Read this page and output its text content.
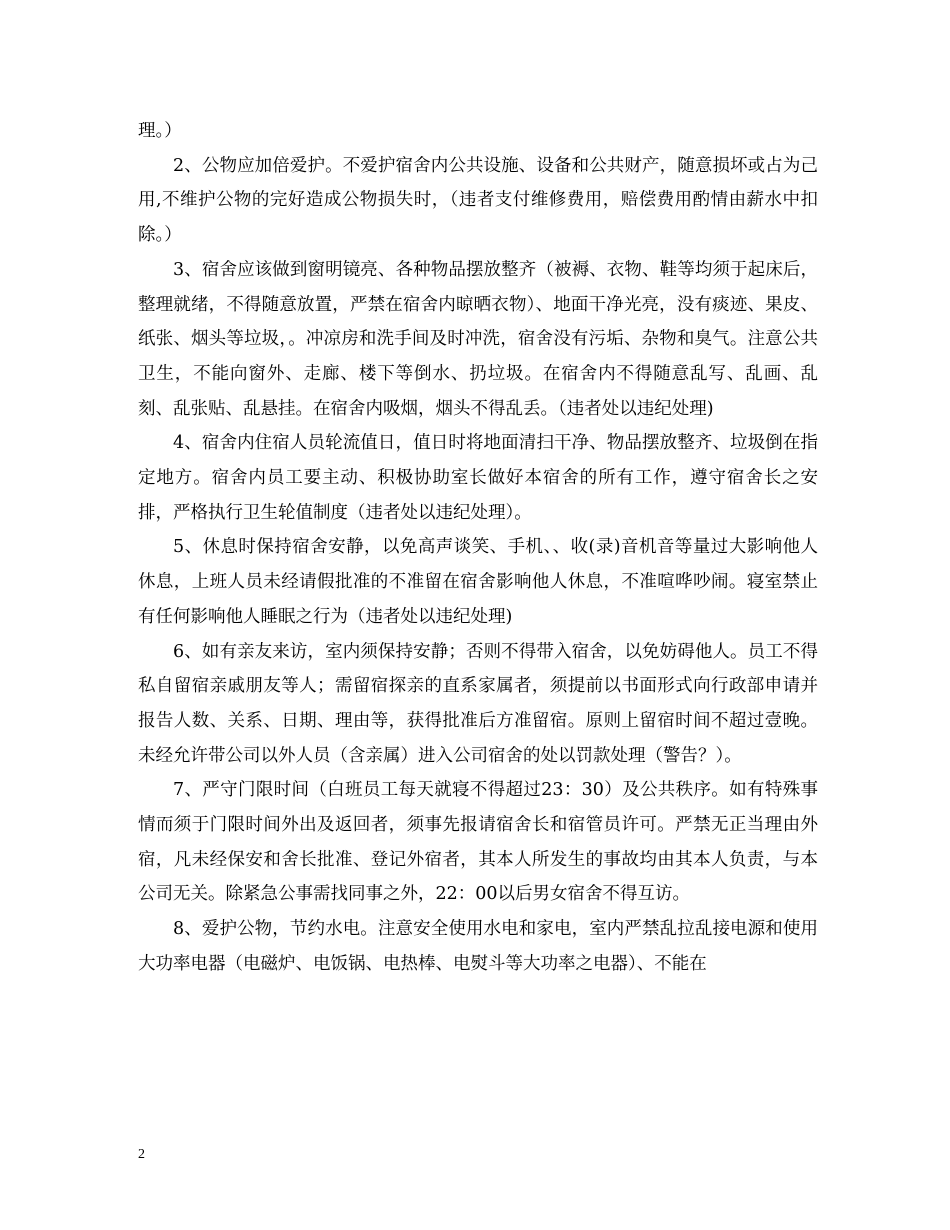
理。）

2、公物应加倍爱护。不爱护宿舍内公共设施、设备和公共财产，随意损坏或占为己用,不维护公物的完好造成公物损失时，（违者支付维修费用，赔偿费用酌情由薪水中扣除。）

3、宿舍应该做到窗明镜亮、各种物品摆放整齐（被褥、衣物、鞋等均须于起床后，整理就绪，不得随意放置，严禁在宿舍内晾晒衣物）、地面干净光亮，没有痰迹、果皮、纸张、烟头等垃圾，。冲凉房和洗手间及时冲洗，宿舍没有污垢、杂物和臭气。注意公共卫生，不能向窗外、走廊、楼下等倒水、扔垃圾。在宿舍内不得随意乱写、乱画、乱刻、乱张贴、乱悬挂。在宿舍内吸烟，烟头不得乱丢。（违者处以违纪处理)

4、宿舍内住宿人员轮流值日，值日时将地面清扫干净、物品摆放整齐、垃圾倒在指定地方。宿舍内员工要主动、积极协助室长做好本宿舍的所有工作，遵守宿舍长之安排，严格执行卫生轮值制度（违者处以违纪处理）。

5、休息时保持宿舍安静，以免高声谈笑、手机、、收(录)音机音等量过大影响他人休息，上班人员未经请假批准的不准留在宿舍影响他人休息，不准喧哗吵闹。寝室禁止有任何影响他人睡眠之行为（违者处以违纪处理)

6、如有亲友来访，室内须保持安静；否则不得带入宿舍，以免妨碍他人。员工不得私自留宿亲戚朋友等人；需留宿探亲的直系家属者，须提前以书面形式向行政部申请并报告人数、关系、日期、理由等，获得批准后方准留宿。原则上留宿时间不超过壹晚。 未经允许带公司以外人员（含亲属）进入公司宿舍的处以罚款处理（警告？）。

7、严守门限时间（白班员工每天就寝不得超过23：30）及公共秩序。如有特殊事情而须于门限时间外出及返回者，须事先报请宿舍长和宿管员许可。严禁无正当理由外宿，凡未经保安和舍长批准、登记外宿者，其本人所发生的事故均由其本人负责，与本公司无关。除紧急公事需找同事之外，22：00以后男女宿舍不得互访。

8、爱护公物，节约水电。注意安全使用水电和家电，室内严禁乱拉乱接电源和使用大功率电器（电磁炉、电饭锅、电热棒、电熨斗等大功率之电器）、不能在

2
